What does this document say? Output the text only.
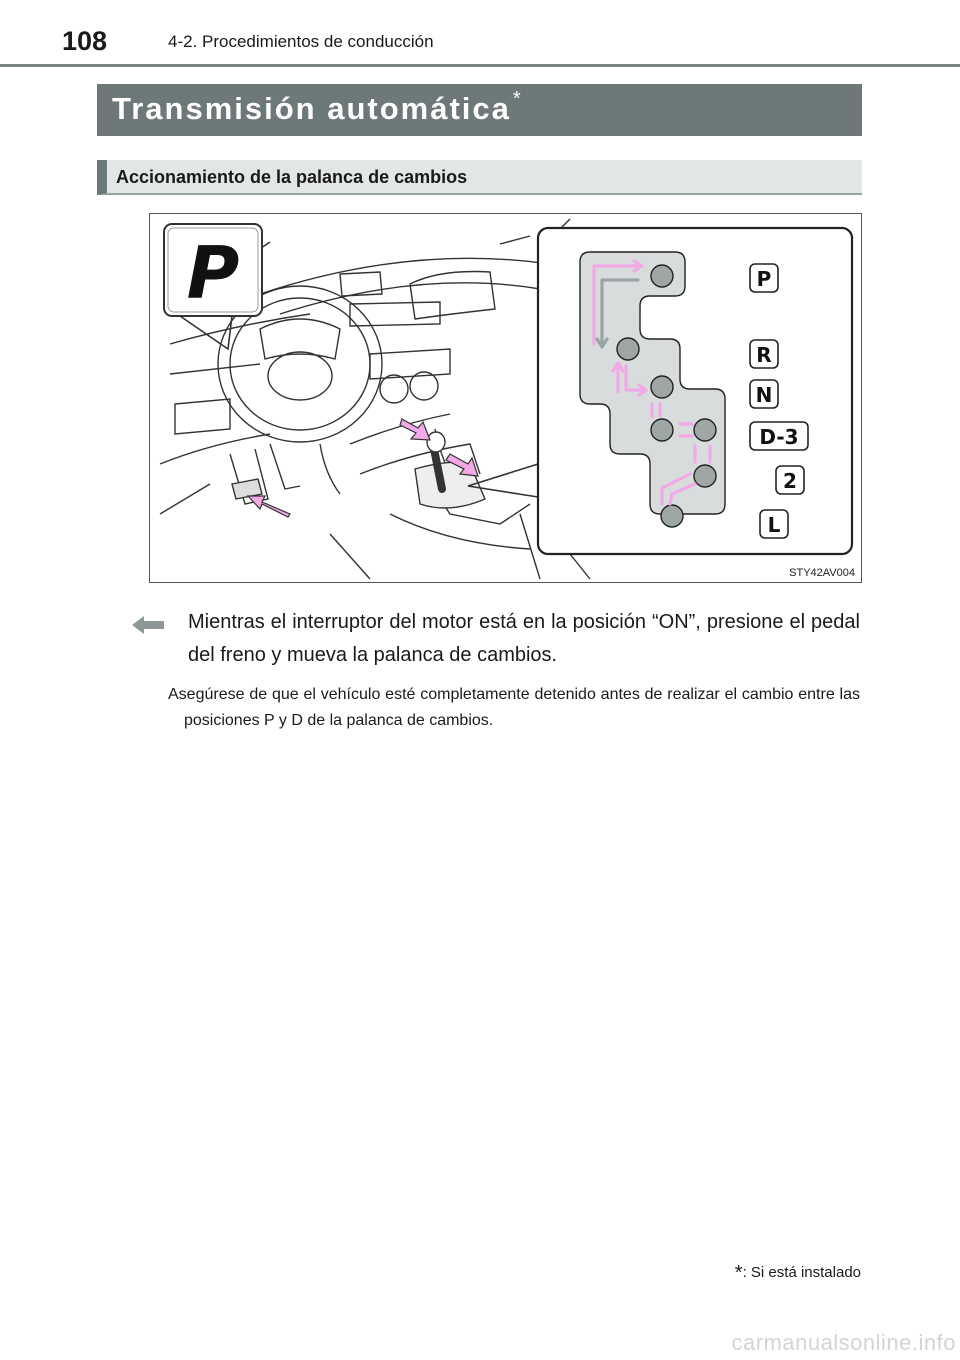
108	4-2. Procedimientos de conducción
Transmisión automática *
Accionamiento de la palanca de cambios
P	P
R
N
D-3
2
L
STY42AV004
Mientras el interruptor del motor está en la posición “ON”, presione el pedal del freno y mueva la palanca de cambios.
Asegúrese de que el vehículo esté completamente detenido antes de realizar el cambio entre las posiciones P y D de la palanca de cambios.
*: Si está instalado
carmanualsonline.info
